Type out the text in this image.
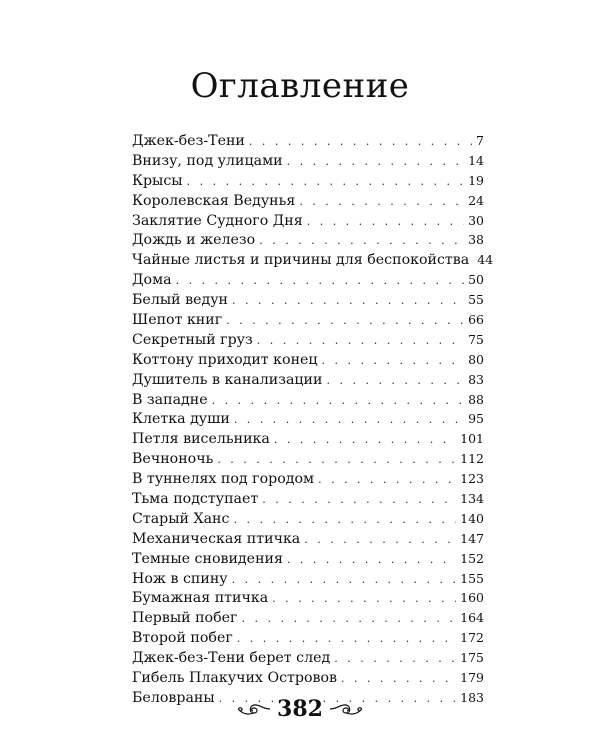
Оглавление
Джек-без-Тени . . .	7
Внизу, под улицами . . .	14
Крысы . . .	19
Королевская Ведунья . . .	24
Заклятие Судного Дня . . .	30
Дождь и железо . . .	38
Чайные листья и причины для беспокойства 44
Дома . . .	50
Белый ведун . . .	55
Шепот книг . . .	66
Секретный груз . . .	75
Коттону приходит конец . . .	80
Душитель в канализации . . .	83
В западне . . .	88
Клетка души . . .	95
Петля висельника . . .	101
Вечноночь . . .	112
В туннелях под городом . . .	123
Тьма подступает . . .	134
Старый Ханс . . .	140
Механическая птичка . . .	147
Темные сновидения . . .	152
Нож в спину . . .	155
Бумажная птичка . . .	160
Первый побег . . .	164
Второй побег . . .	172
Джек-без-Тени берет след . . .	175
Гибель Плакучих Островов . . .	179
Беловраны . . .	183
382
